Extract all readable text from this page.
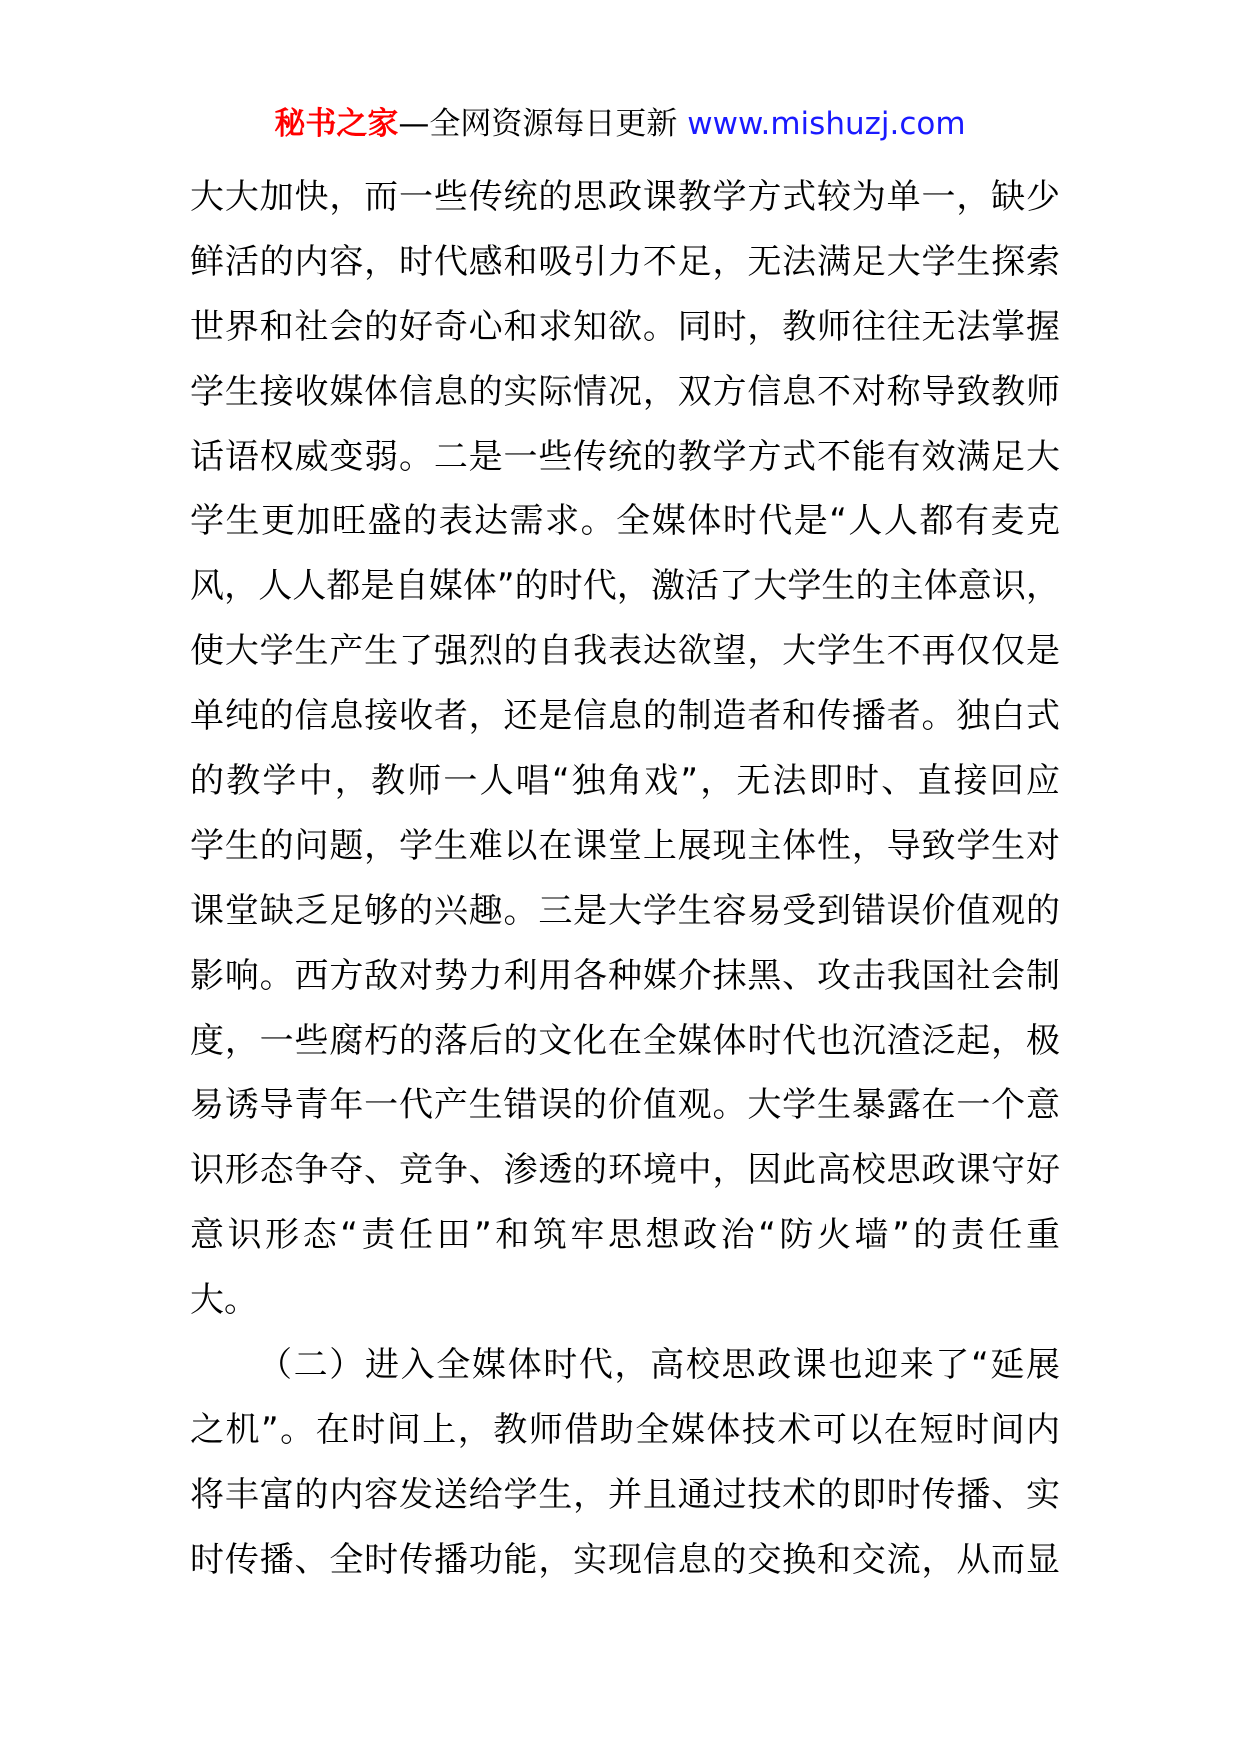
秘书之家—全网资源每日更新 www.mishuzj.com
大大加快，而一些传统的思政课教学方式较为单一，缺少
鲜活的内容，时代感和吸引力不足，无法满足大学生探索
世界和社会的好奇心和求知欲。同时，教师往往无法掌握
学生接收媒体信息的实际情况，双方信息不对称导致教师
话语权威变弱。二是一些传统的教学方式不能有效满足大
学生更加旺盛的表达需求。全媒体时代是“人人都有麦克
风，人人都是自媒体”的时代，激活了大学生的主体意识，
使大学生产生了强烈的自我表达欲望，大学生不再仅仅是
单纯的信息接收者，还是信息的制造者和传播者。独白式
的教学中，教师一人唱“独角戏”，无法即时、直接回应
学生的问题，学生难以在课堂上展现主体性，导致学生对
课堂缺乏足够的兴趣。三是大学生容易受到错误价值观的
影响。西方敌对势力利用各种媒介抹黑、攻击我国社会制
度，一些腐朽的落后的文化在全媒体时代也沉渣泛起，极
易诱导青年一代产生错误的价值观。大学生暴露在一个意
识形态争夺、竞争、渗透的环境中，因此高校思政课守好
意识形态“责任田”和筑牢思想政治“防火墙”的责任重
大。
（二）进入全媒体时代，高校思政课也迎来了“延展
之机”。在时间上，教师借助全媒体技术可以在短时间内
将丰富的内容发送给学生，并且通过技术的即时传播、实
时传播、全时传播功能，实现信息的交换和交流，从而显
